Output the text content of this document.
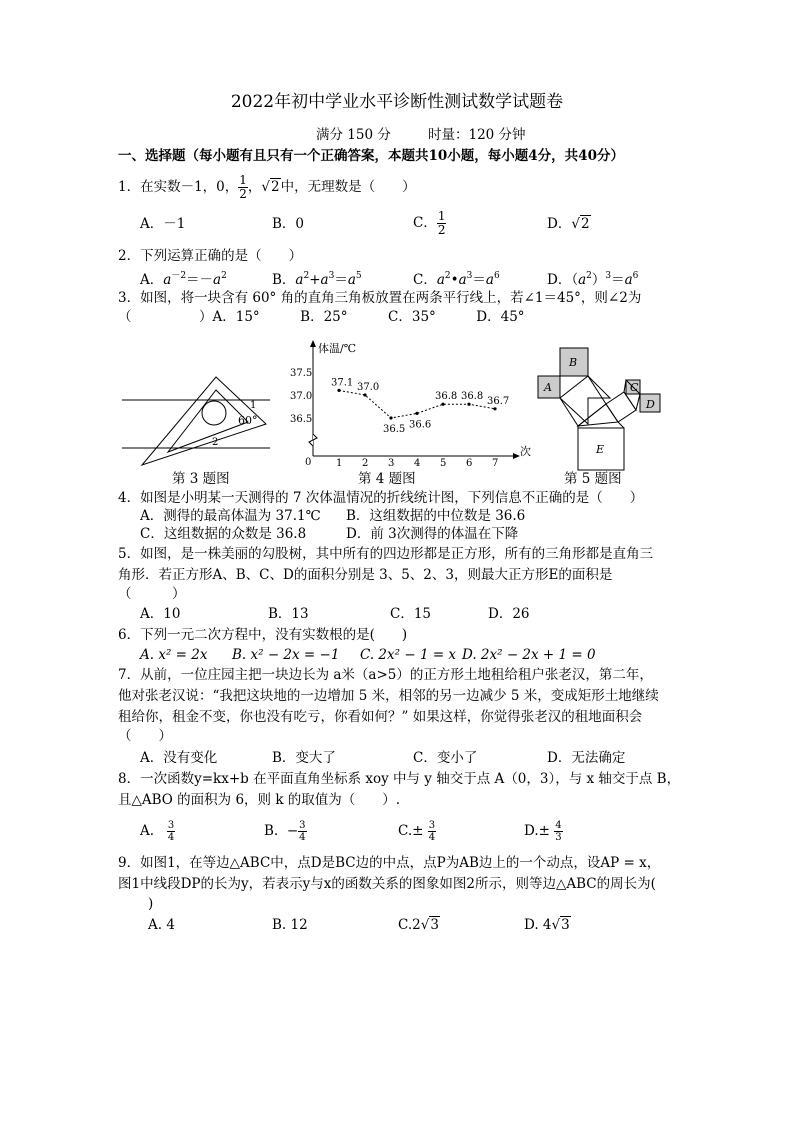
2022年初中学业水平诊断性测试数学试题卷
满分 150 分	时量：120 分钟
一、选择题（每小题有且只有一个正确答案，本题共10小题，每小题4分，共40分）
1．在实数－1，0， $\frac{1}{2}$ ，√2中，无理数是（　　）
A．－1	B．0	C． $\frac{1}{2}$	D．√2
2．下列运算正确的是（　　）
A．$a^{-2}=-a^2$	B．$a^2+a^3=a^5$	C．$a^2•a^3=a^6$	D．$(a^2)^3=a^6$
3．如图，将一块含有 60° 角的直角三角板放置在两条平行线上，若∠1＝45°，则∠2为
（　　　　　）A．15°　　　B．25°　　　C．35°　　　D．45°
60°
1
2
第 3 题图
体温/℃
次
0
36.5
37.0
37.5
1 2 3 4 5 6 7
37.1 37.0
36.5 36.6
36.8 36.8 36.7
第 4 题图
B
A	C
D
E
第 5 题图
4．如图是小明某一天测得的 7 次体温情况的折线统计图，下列信息不正确的是（　　）
A．测得的最高体温为 37.1℃ B．这组数据的中位数是 36.6
C．这组数据的众数是 36.8	D．前 3次测得的体温在下降
5．如图，是一株美丽的勾股树，其中所有的四边形都是正方形，所有的三角形都是直角三
角形．若正方形A、B、C、D的面积分别是 3、5、2、3，则最大正方形E的面积是
（　　　）
A．10	B．13	C．15	D．26
6．下列一元二次方程中，没有实数根的是(　　)
A. x² = 2x B. x² − 2x = −1 C. 2x² − 1 = x D. 2x² − 2x + 1 = 0
7．从前，一位庄园主把一块边长为 a米（a>5）的正方形土地租给租户张老汉，第二年，
他对张老汉说：“我把这块地的一边增加 5 米，相邻的另一边减少 5 米，变成矩形土地继续
租给你，租金不变，你也没有吃亏，你看如何？” 如果这样，你觉得张老汉的租地面积会
（　　）
A．没有变化	B．变大了	C．变小了	D．无法确定
8．一次函数y=kx+b 在平面直角坐标系 xoy 中与 y 轴交于点 A（0，3），与 x 轴交于点 B，
且△ABO 的面积为 6，则 k 的取值为（　　）.
A. $\frac{3}{4}$	B. − $\frac{3}{4}$	$C.\pm \frac{3}{4}$	$D.\pm \frac{4}{3}$
9．如图1，在等边△ABC中，点D是BC边的中点，点P为AB边上的一个动点，设AP = x，
图1中线段DP的长为y，若表示y与x的函数关系的图象如图2所示，则等边△ABC的周长为(
)
A. 4	B. 12	C.2√3	D. 4√3
